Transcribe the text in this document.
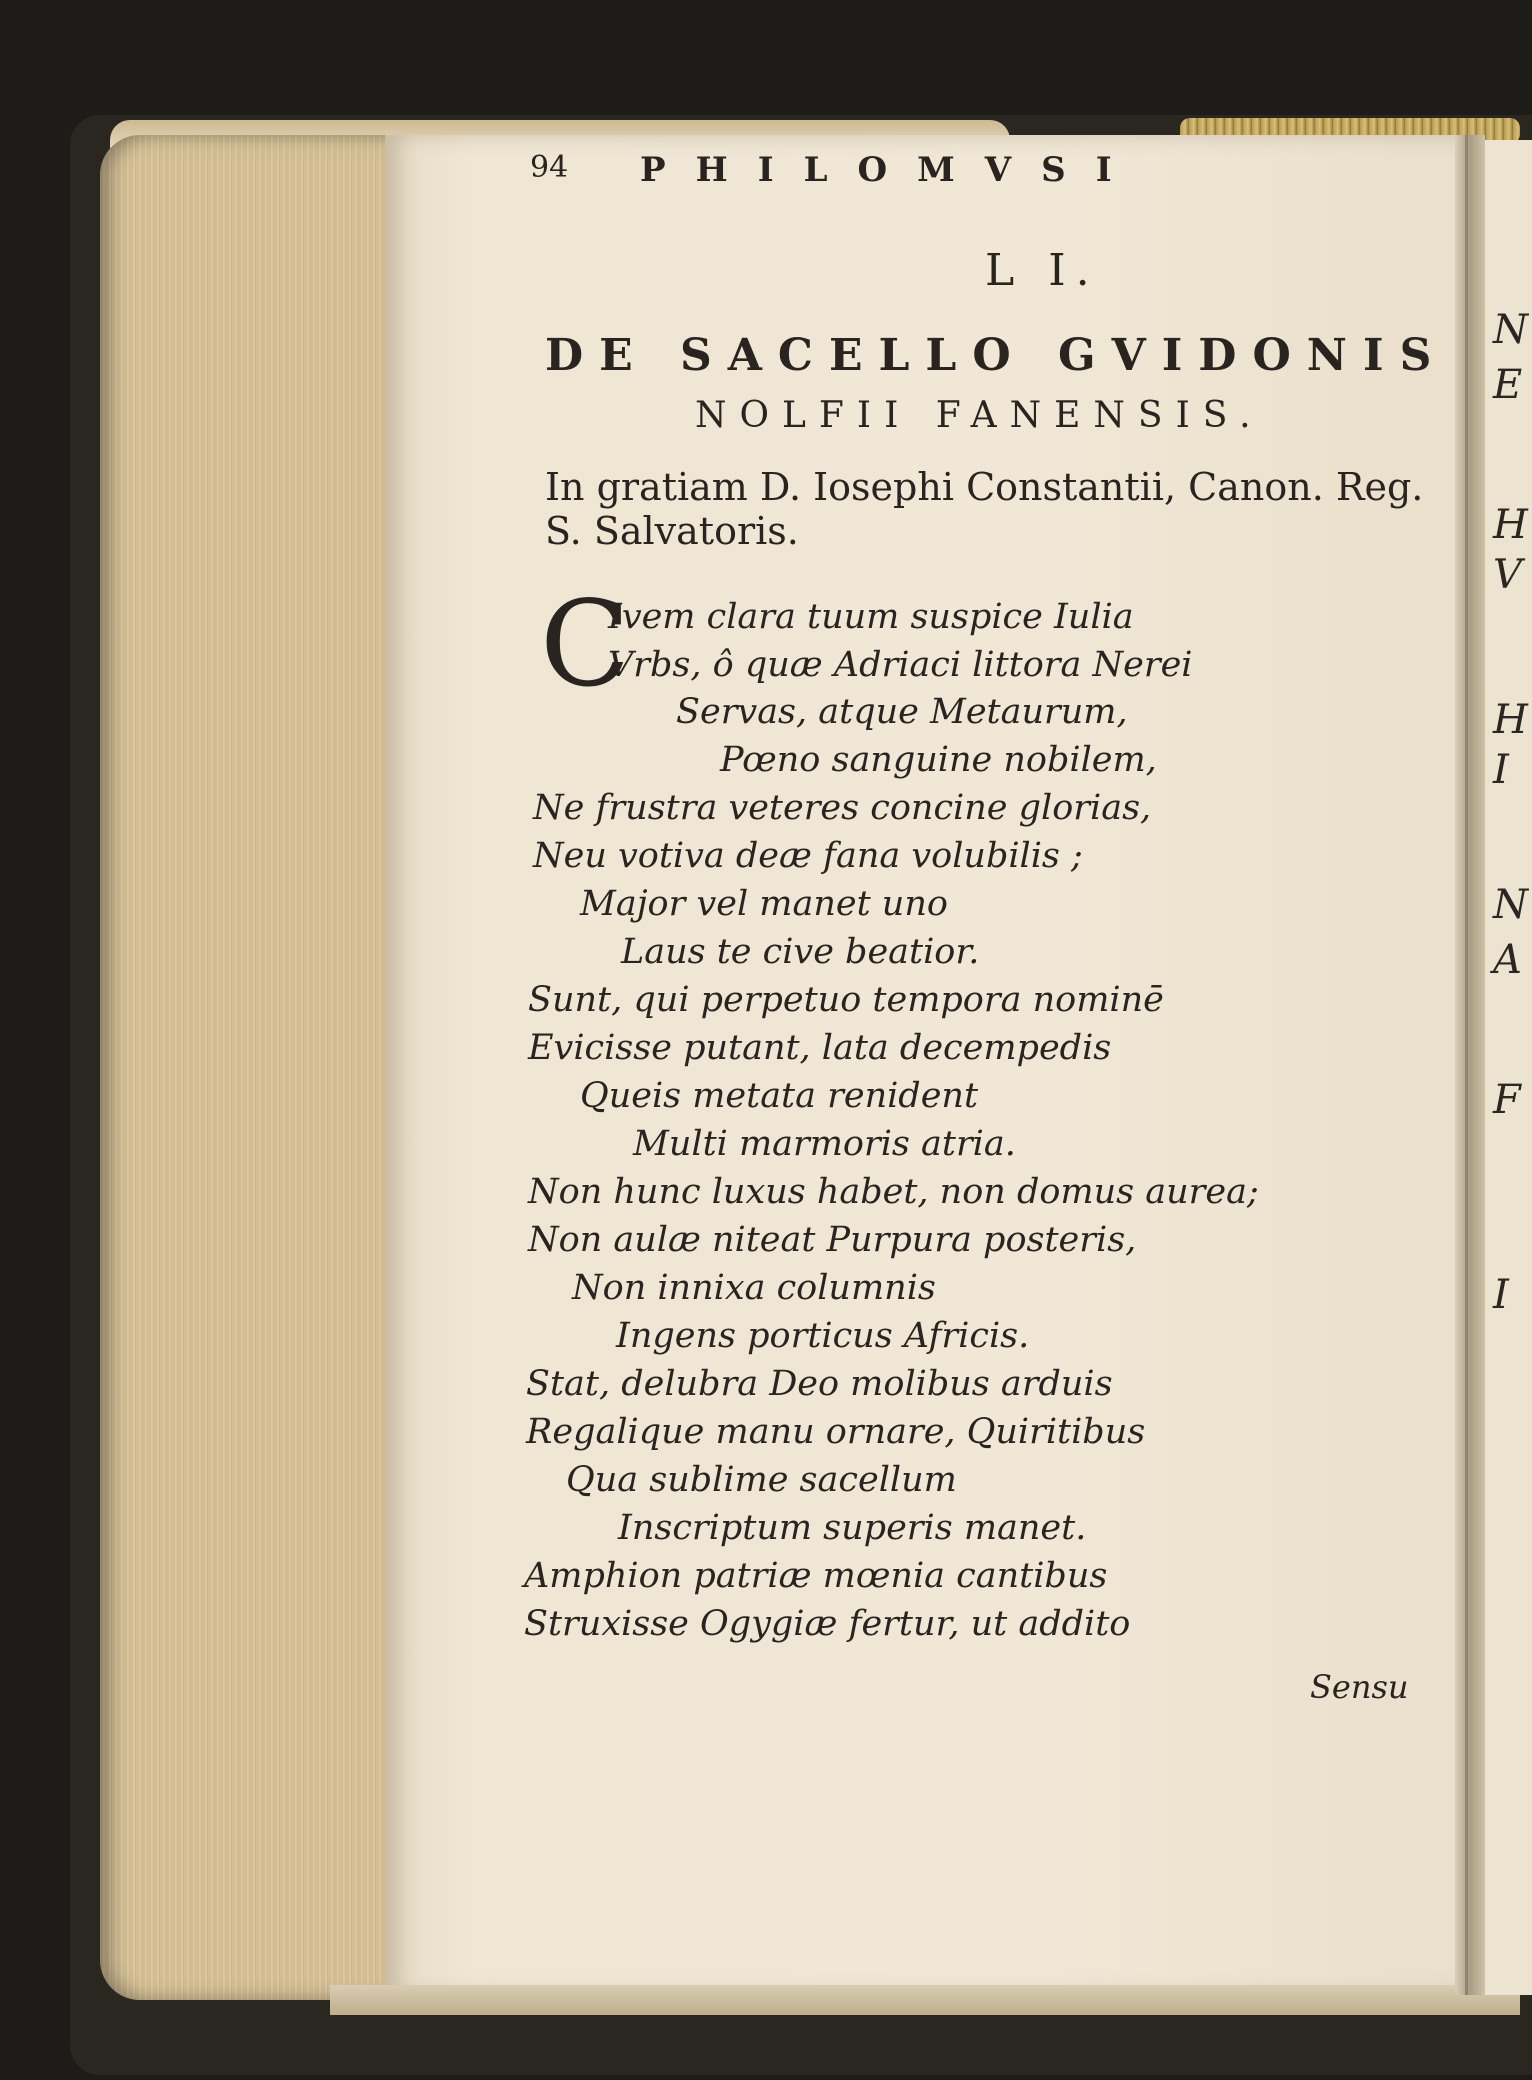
N
E
H
V
H
I
N
A
F
I
94 PHILOMVSI
L I.
DE SACELLO GVIDONIS
NOLFII FANENSIS.
In gratiam D. Iosephi Constantii, Canon. Reg.
S. Salvatoris.
C
Ivem clara tuum suspice Iulia
Vrbs, ô quæ Adriaci littora Nerei
Servas, atque Metaurum,
Pœno sanguine nobilem,
Ne frustra veteres concine glorias,
Neu votiva deæ fana volubilis ;
Major vel manet uno
Laus te cive beatior.
Sunt, qui perpetuo tempora nominē
Evicisse putant, lata decempedis
Queis metata renident
Multi marmoris atria.
Non hunc luxus habet, non domus aurea;
Non aulæ niteat Purpura posteris,
Non innixa columnis
Ingens porticus Africis.
Stat, delubra Deo molibus arduis
Regalique manu ornare, Quiritibus
Qua sublime sacellum
Inscriptum superis manet.
Amphion patriæ mœnia cantibus
Struxisse Ogygiæ fertur, ut addito
Sensu
